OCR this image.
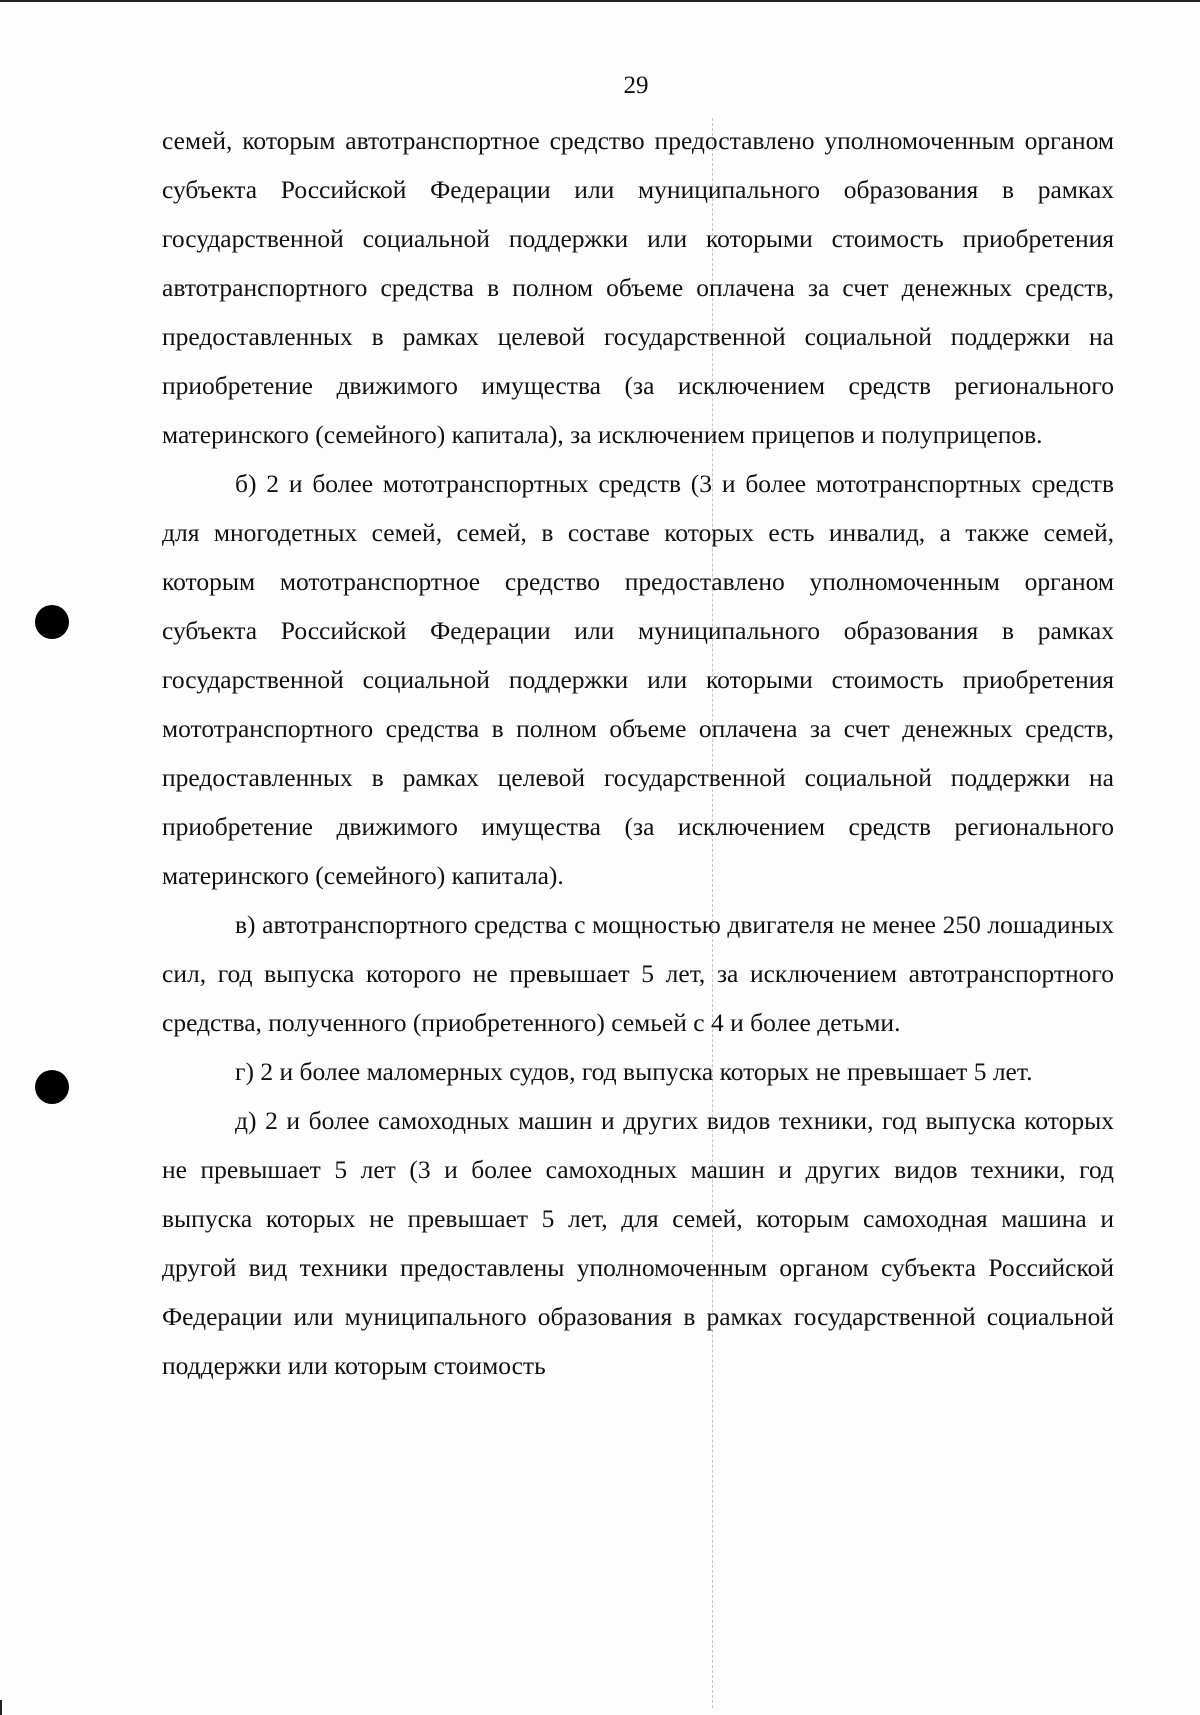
29

семей, которым автотранспортное средство предоставлено уполномоченным органом субъекта Российской Федерации или муниципального образования в рамках государственной социальной поддержки или которыми стоимость приобретения автотранспортного средства в полном объеме оплачена за счет денежных средств, предоставленных в рамках целевой государственной социальной поддержки на приобретение движимого имущества (за исключением средств регионального материнского (семейного) капитала), за исключением прицепов и полуприцепов.

б) 2 и более мототранспортных средств (3 и более мототранспортных средств для многодетных семей, семей, в составе которых есть инвалид, а также семей, которым мототранспортное средство предоставлено уполномоченным органом субъекта Российской Федерации или муниципального образования в рамках государственной социальной поддержки или которыми стоимость приобретения мототранспортного средства в полном объеме оплачена за счет денежных средств, предоставленных в рамках целевой государственной социальной поддержки на приобретение движимого имущества (за исключением средств регионального материнского (семейного) капитала).

в) автотранспортного средства с мощностью двигателя не менее 250 лошадиных сил, год выпуска которого не превышает 5 лет, за исключением автотранспортного средства, полученного (приобретенного) семьей с 4 и более детьми.

г) 2 и более маломерных судов, год выпуска которых не превышает 5 лет.

д) 2 и более самоходных машин и других видов техники, год выпуска которых не превышает 5 лет (3 и более самоходных машин и других видов техники, год выпуска которых не превышает 5 лет, для семей, которым самоходная машина и другой вид техники предоставлены уполномоченным органом субъекта Российской Федерации или муниципального образования в рамках государственной социальной поддержки или которым стоимость
